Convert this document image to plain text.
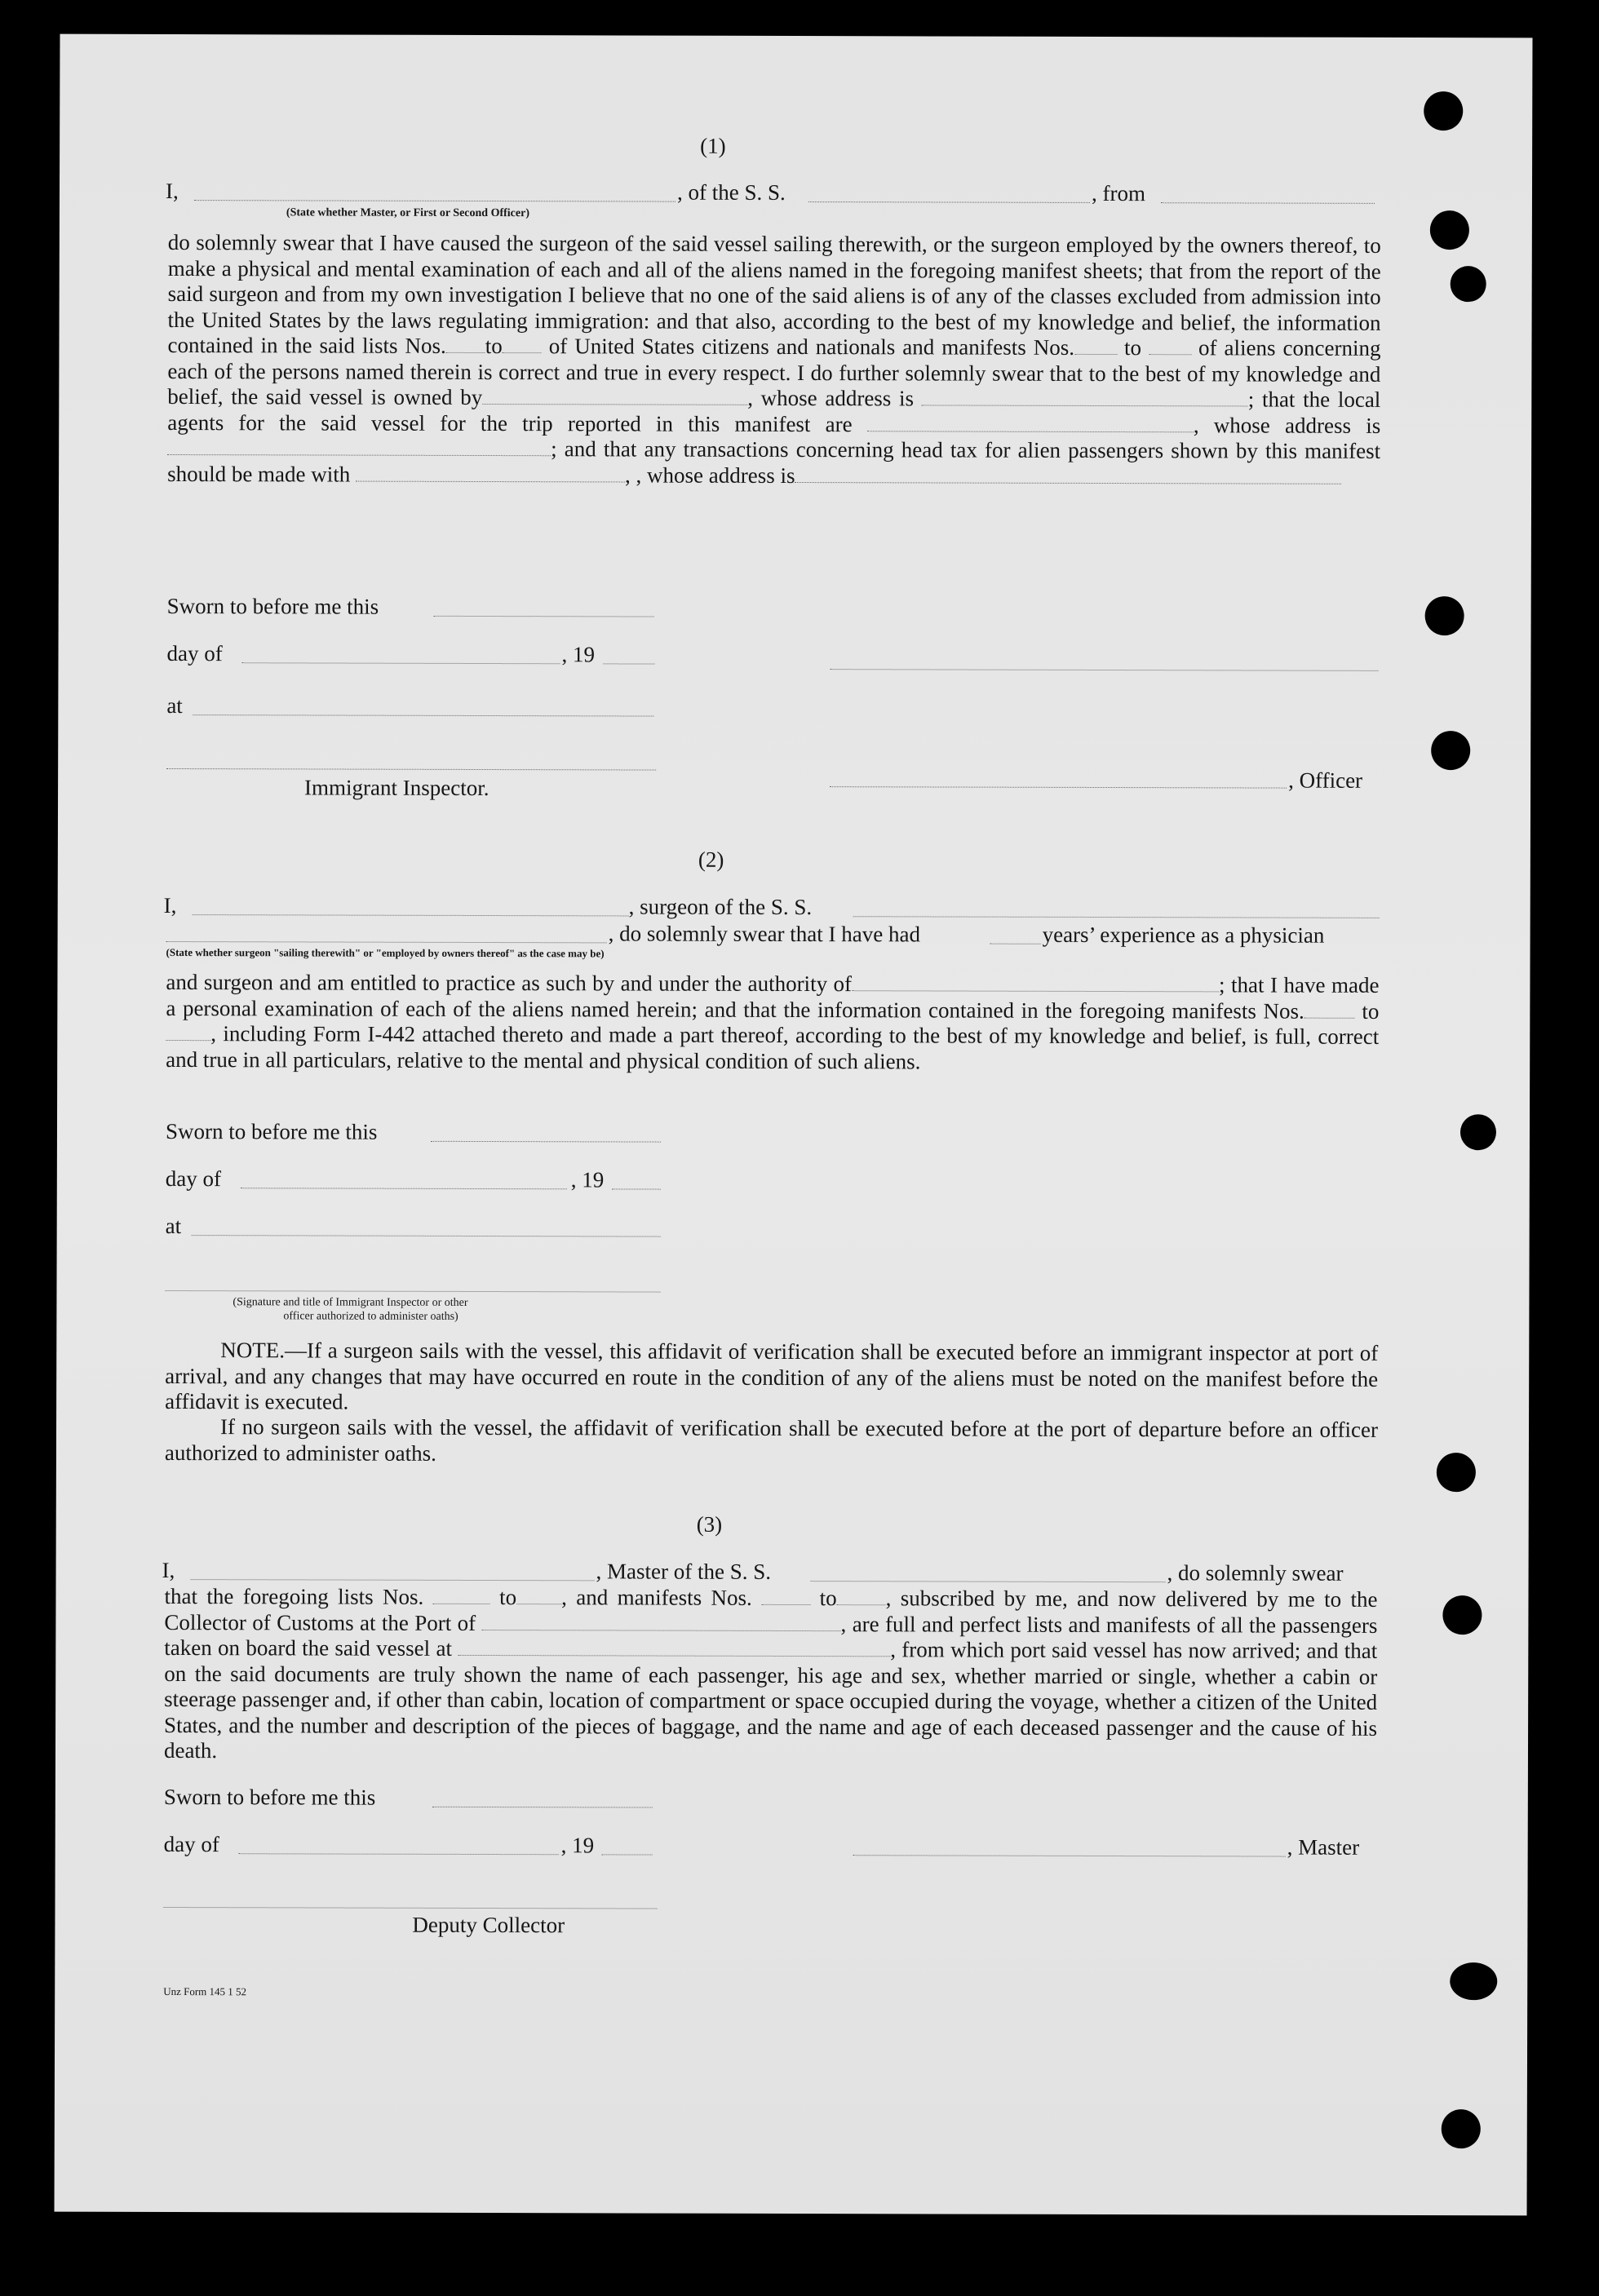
(1)
I,	, of the S. S.	, from
(State whether Master, or First or Second Officer)
do solemnly swear that I have caused the surgeon of the said vessel sailing therewith, or the surgeon employed by the owners thereof, to make a physical and mental examination of each and all of the aliens named in the foregoing manifest sheets; that from the report of the said surgeon and from my own investigation I believe that no one of the said aliens is of any of the classes excluded from admission into the United States by the laws regulating immigration: and that also, according to the best of my knowledge and belief, the information contained in the said lists Nos. to of United States citizens and nationals and manifests Nos. to	of aliens concerning each of the persons named therein is correct and true in every respect. I do further solemnly swear that to the best of my knowledge and belief, the said vessel is owned by	, whose address is	; that the local agents for the said vessel for the trip reported in this manifest are	, whose address is ; and that any transactions concerning head tax for alien passengers shown by this manifest should be made with	, , whose address is
Sworn to before me this
day of	, 19
at
Immigrant Inspector.	, Officer
(2)
I,	, surgeon of the S. S.
, do solemnly swear that I have had	years’ experience as a physician
(State whether surgeon "sailing therewith" or "employed by owners thereof" as the case may be)
and surgeon and am entitled to practice as such by and under the authority of	; that I have made a personal examination of each of the aliens named herein; and that the information contained in the foregoing manifests Nos.	to , including Form I-442 attached thereto and made a part thereof, according to the best of my knowledge and belief, is full, correct and true in all particulars, relative to the mental and physical condition of such aliens.
Sworn to before me this
day of	, 19
at
(Signature and title of Immigrant Inspector or other
officer authorized to administer oaths)
NOTE.—If a surgeon sails with the vessel, this affidavit of verification shall be executed before an immigrant inspector at port of arrival, and any changes that may have occurred en route in the condition of any of the aliens must be noted on the manifest before the affidavit is executed.
If no surgeon sails with the vessel, the affidavit of verification shall be executed before at the port of departure before an officer authorized to administer oaths.
(3)
I,	, Master of the S. S.	, do solemnly swear
that the foregoing lists Nos.	to , and manifests Nos.	to , subscribed by me, and now delivered by me to the Collector of Customs at the Port of	, are full and perfect lists and manifests of all the passengers taken on board the said vessel at	, from which port said vessel has now arrived; and that on the said documents are truly shown the name of each passenger, his age and sex, whether married or single, whether a cabin or steerage passenger and, if other than cabin, location of compartment or space occupied during the voyage, whether a citizen of the United States, and the number and description of the pieces of baggage, and the name and age of each deceased passenger and the cause of his death.
Sworn to before me this
day of	, 19	, Master
Deputy Collector
Unz Form 145 1 52
